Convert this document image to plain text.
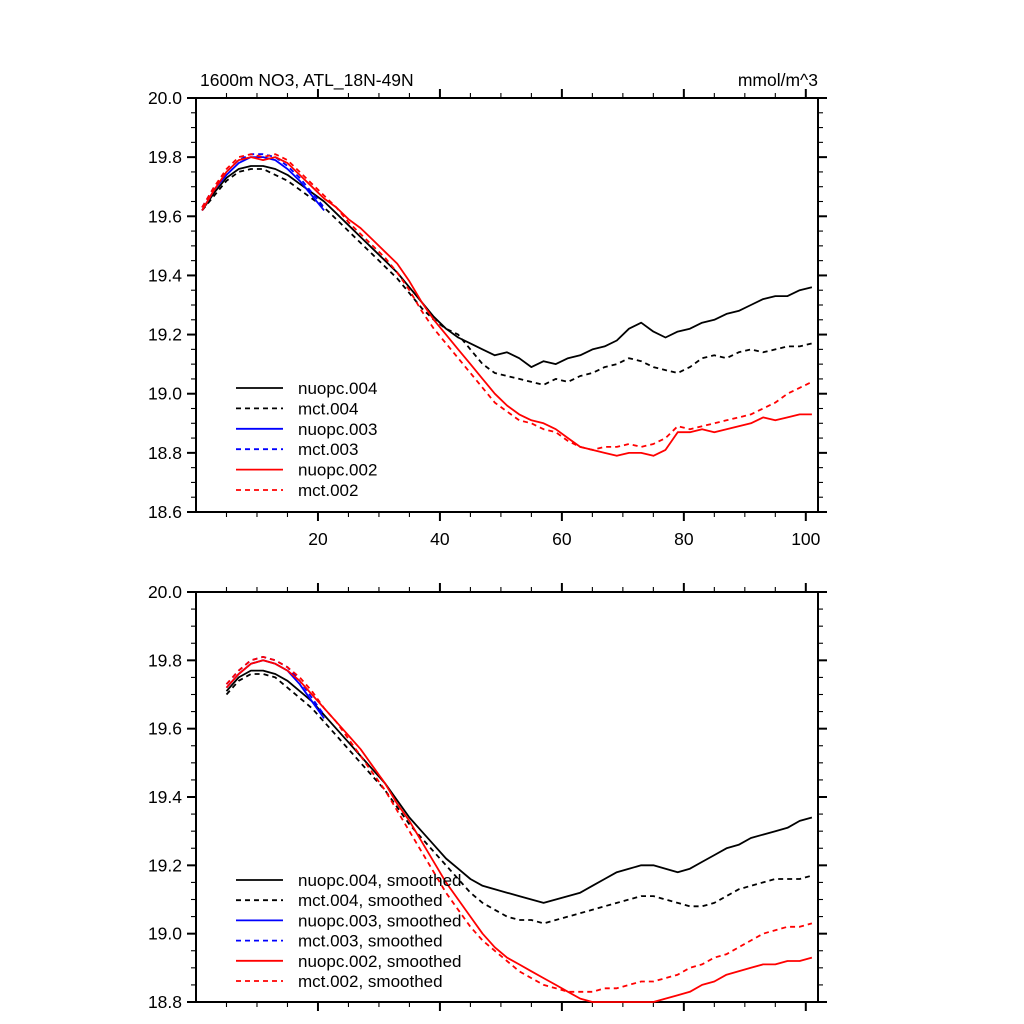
1600m NO3, ATL_18N-49N	mmol/m^3
20	40	60	80	100
18.6
18.8
19.0
19.2
19.4
19.6
19.8
20.0
nuopc.004
mct.004
nuopc.003
mct.003
nuopc.002
mct.002
18.8
19.0
19.2
19.4
19.6
19.8
20.0
nuopc.004, smoothed
mct.004, smoothed
nuopc.003, smoothed
mct.003, smoothed
nuopc.002, smoothed
mct.002, smoothed
